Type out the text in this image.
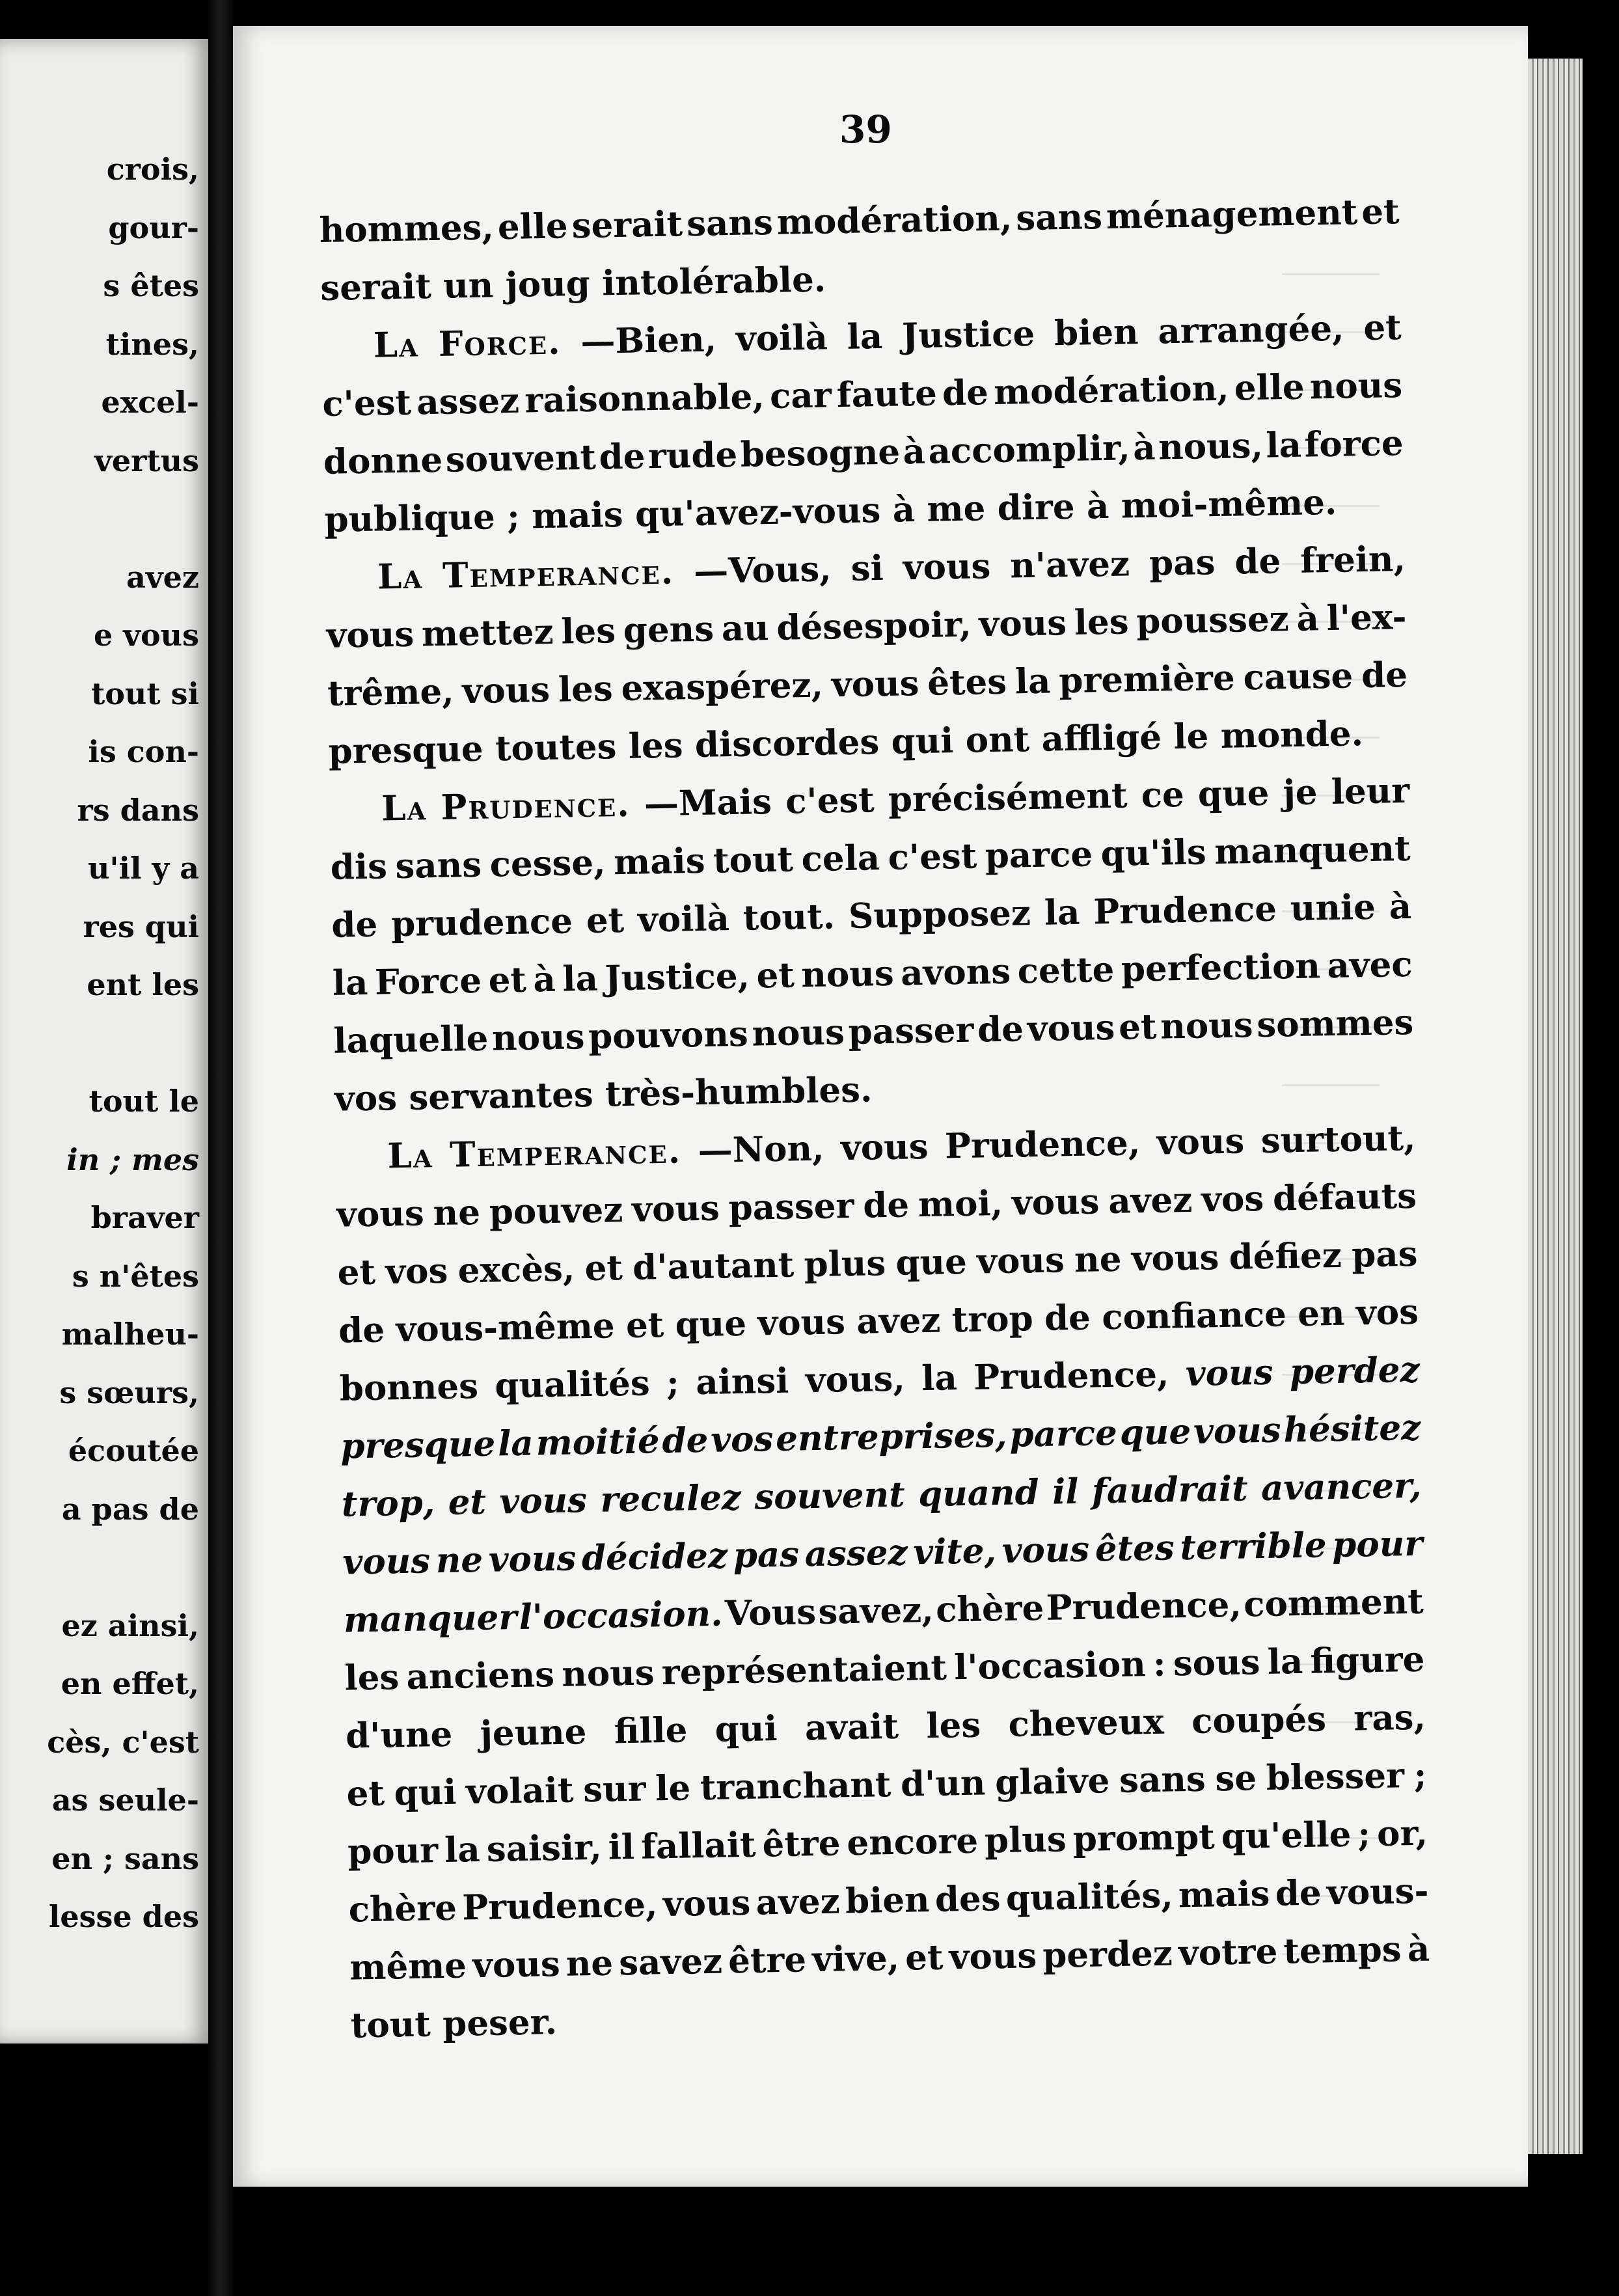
crois,
gour-
s êtes
tines,
excel-
vertus
avez
e vous
tout si
is con-
rs dans
u'il y a
res qui
ent les
tout le
in ; mes
braver
s n'êtes
malheu-
s sœurs,
écoutée
a pas de
ez ainsi,
en effet,
cès, c'est
as seule-
en ; sans
lesse des
39
hommes, elle serait sans modération, sans ménagement et
serait un joug intolérable.
La Force. —Bien, voilà la Justice bien arrangée, et
c'est assez raisonnable, car faute de modération, elle nous
donne souvent de rude besogne à accomplir, à nous, la force
publique ; mais qu'avez-vous à me dire à moi-même.
La Temperance. —Vous, si vous n'avez pas de frein,
vous mettez les gens au désespoir, vous les poussez à l'ex-
trême, vous les exaspérez, vous êtes la première cause de
presque toutes les discordes qui ont affligé le monde.
La Prudence. —Mais c'est précisément ce que je leur
dis sans cesse, mais tout cela c'est parce qu'ils manquent
de prudence et voilà tout. Supposez la Prudence unie à
la Force et à la Justice, et nous avons cette perfection avec
laquelle nous pouvons nous passer de vous et nous sommes
vos servantes très-humbles.
La Temperance. —Non, vous Prudence, vous surtout,
vous ne pouvez vous passer de moi, vous avez vos défauts
et vos excès, et d'autant plus que vous ne vous défiez pas
de vous-même et que vous avez trop de confiance en vos
bonnes qualités ; ainsi vous, la Prudence, vous perdez
presque la moitié de vos entreprises, parce que vous hésitez
trop, et vous reculez souvent quand il faudrait avancer,
vous ne vous décidez pas assez vite, vous êtes terrible pour
manquer l'occasion. Vous savez, chère Prudence, comment
les anciens nous représentaient l'occasion : sous la figure
d'une jeune fille qui avait les cheveux coupés ras,
et qui volait sur le tranchant d'un glaive sans se blesser ;
pour la saisir, il fallait être encore plus prompt qu'elle ; or,
chère Prudence, vous avez bien des qualités, mais de vous-
même vous ne savez être vive, et vous perdez votre temps à
tout peser.
